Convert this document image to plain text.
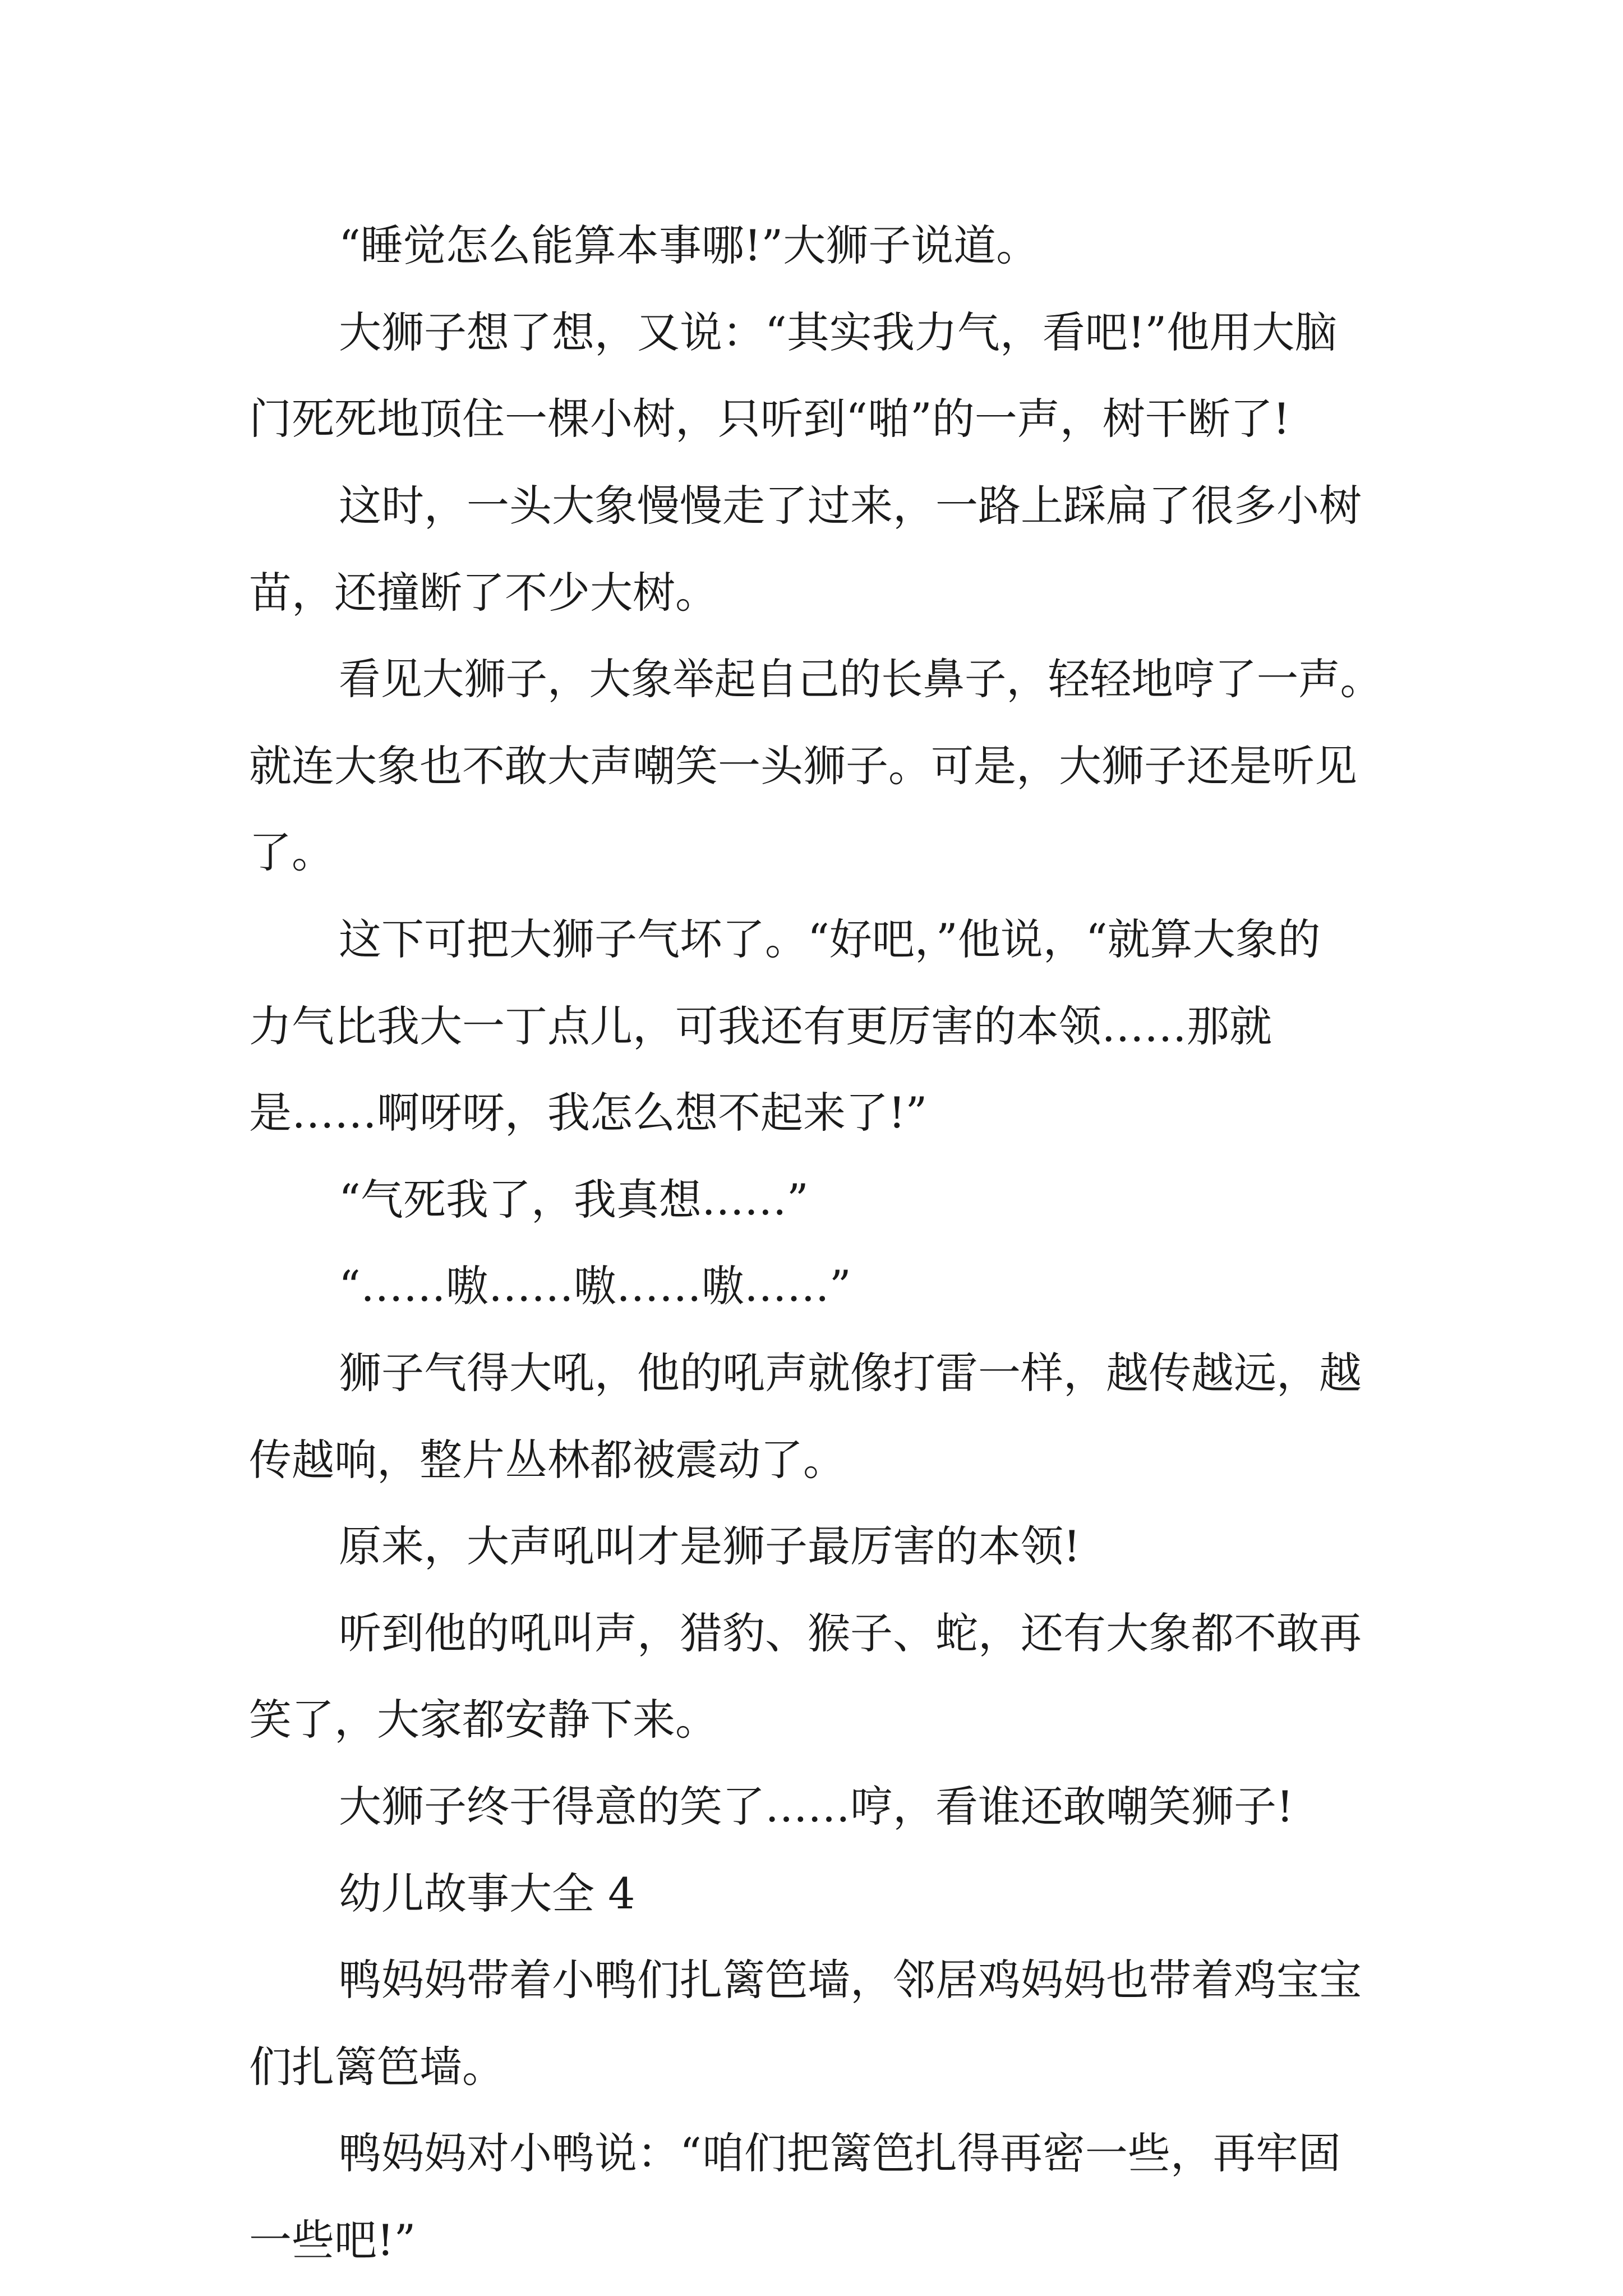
“睡觉怎么能算本事哪!”大狮子说道。
大狮子想了想，又说：“其实我力气，看吧!”他用大脑
门死死地顶住一棵小树，只听到“啪”的一声，树干断了!
这时，一头大象慢慢走了过来，一路上踩扁了很多小树
苗，还撞断了不少大树。
看见大狮子，大象举起自己的长鼻子，轻轻地哼了一声。
就连大象也不敢大声嘲笑一头狮子。可是，大狮子还是听见
了。
这下可把大狮子气坏了。“好吧，”他说，“就算大象的
力气比我大一丁点儿，可我还有更厉害的本领……那就
是……啊呀呀，我怎么想不起来了!”
“气死我了，我真想……”
“……嗷……嗷……嗷……”
狮子气得大吼，他的吼声就像打雷一样，越传越远，越
传越响，整片丛林都被震动了。
原来，大声吼叫才是狮子最厉害的本领!
听到他的吼叫声，猎豹、猴子、蛇，还有大象都不敢再
笑了，大家都安静下来。
大狮子终于得意的笑了……哼，看谁还敢嘲笑狮子!
幼儿故事大全 4
鸭妈妈带着小鸭们扎篱笆墙，邻居鸡妈妈也带着鸡宝宝
们扎篱笆墙。
鸭妈妈对小鸭说：“咱们把篱笆扎得再密一些，再牢固
一些吧!”
